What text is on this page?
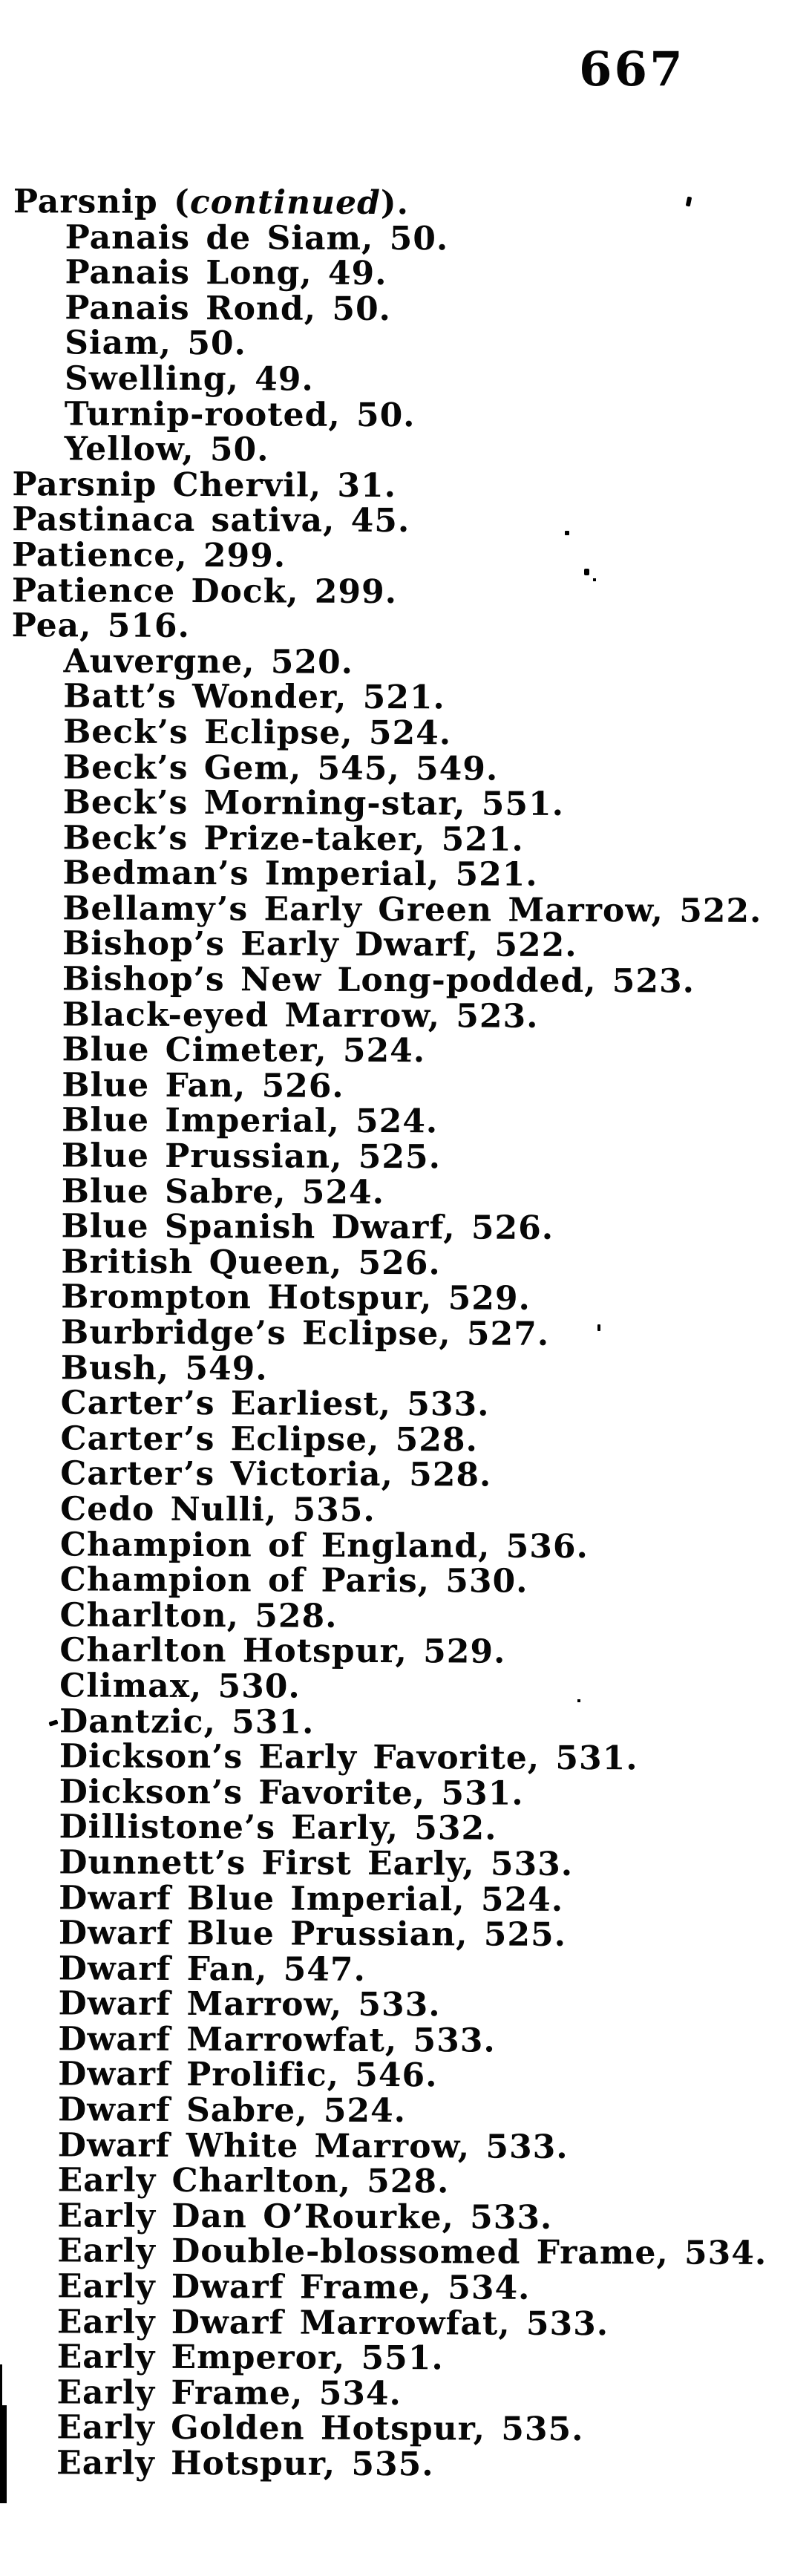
667
Parsnip (continued).
Panais de Siam, 50.
Panais Long, 49.
Panais Rond, 50.
Siam, 50.
Swelling, 49.
Turnip-rooted, 50.
Yellow, 50.
Parsnip Chervil, 31.
Pastinaca sativa, 45.
Patience, 299.
Patience Dock, 299.
Pea, 516.
Auvergne, 520.
Batt’s Wonder, 521.
Beck’s Eclipse, 524.
Beck’s Gem, 545, 549.
Beck’s Morning-star, 551.
Beck’s Prize-taker, 521.
Bedman’s Imperial, 521.
Bellamy’s Early Green Marrow, 522.
Bishop’s Early Dwarf, 522.
Bishop’s New Long-podded, 523.
Black-eyed Marrow, 523.
Blue Cimeter, 524.
Blue Fan, 526.
Blue Imperial, 524.
Blue Prussian, 525.
Blue Sabre, 524.
Blue Spanish Dwarf, 526.
British Queen, 526.
Brompton Hotspur, 529.
Burbridge’s Eclipse, 527.
Bush, 549.
Carter’s Earliest, 533.
Carter’s Eclipse, 528.
Carter’s Victoria, 528.
Cedo Nulli, 535.
Champion of England, 536.
Champion of Paris, 530.
Charlton, 528.
Charlton Hotspur, 529.
Climax, 530.
Dantzic, 531.
Dickson’s Early Favorite, 531.
Dickson’s Favorite, 531.
Dillistone’s Early, 532.
Dunnett’s First Early, 533.
Dwarf Blue Imperial, 524.
Dwarf Blue Prussian, 525.
Dwarf Fan, 547.
Dwarf Marrow, 533.
Dwarf Marrowfat, 533.
Dwarf Prolific, 546.
Dwarf Sabre, 524.
Dwarf White Marrow, 533.
Early Charlton, 528.
Early Dan O’Rourke, 533.
Early Double-blossomed Frame, 534.
Early Dwarf Frame, 534.
Early Dwarf Marrowfat, 533.
Early Emperor, 551.
Early Frame, 534.
Early Golden Hotspur, 535.
Early Hotspur, 535.
